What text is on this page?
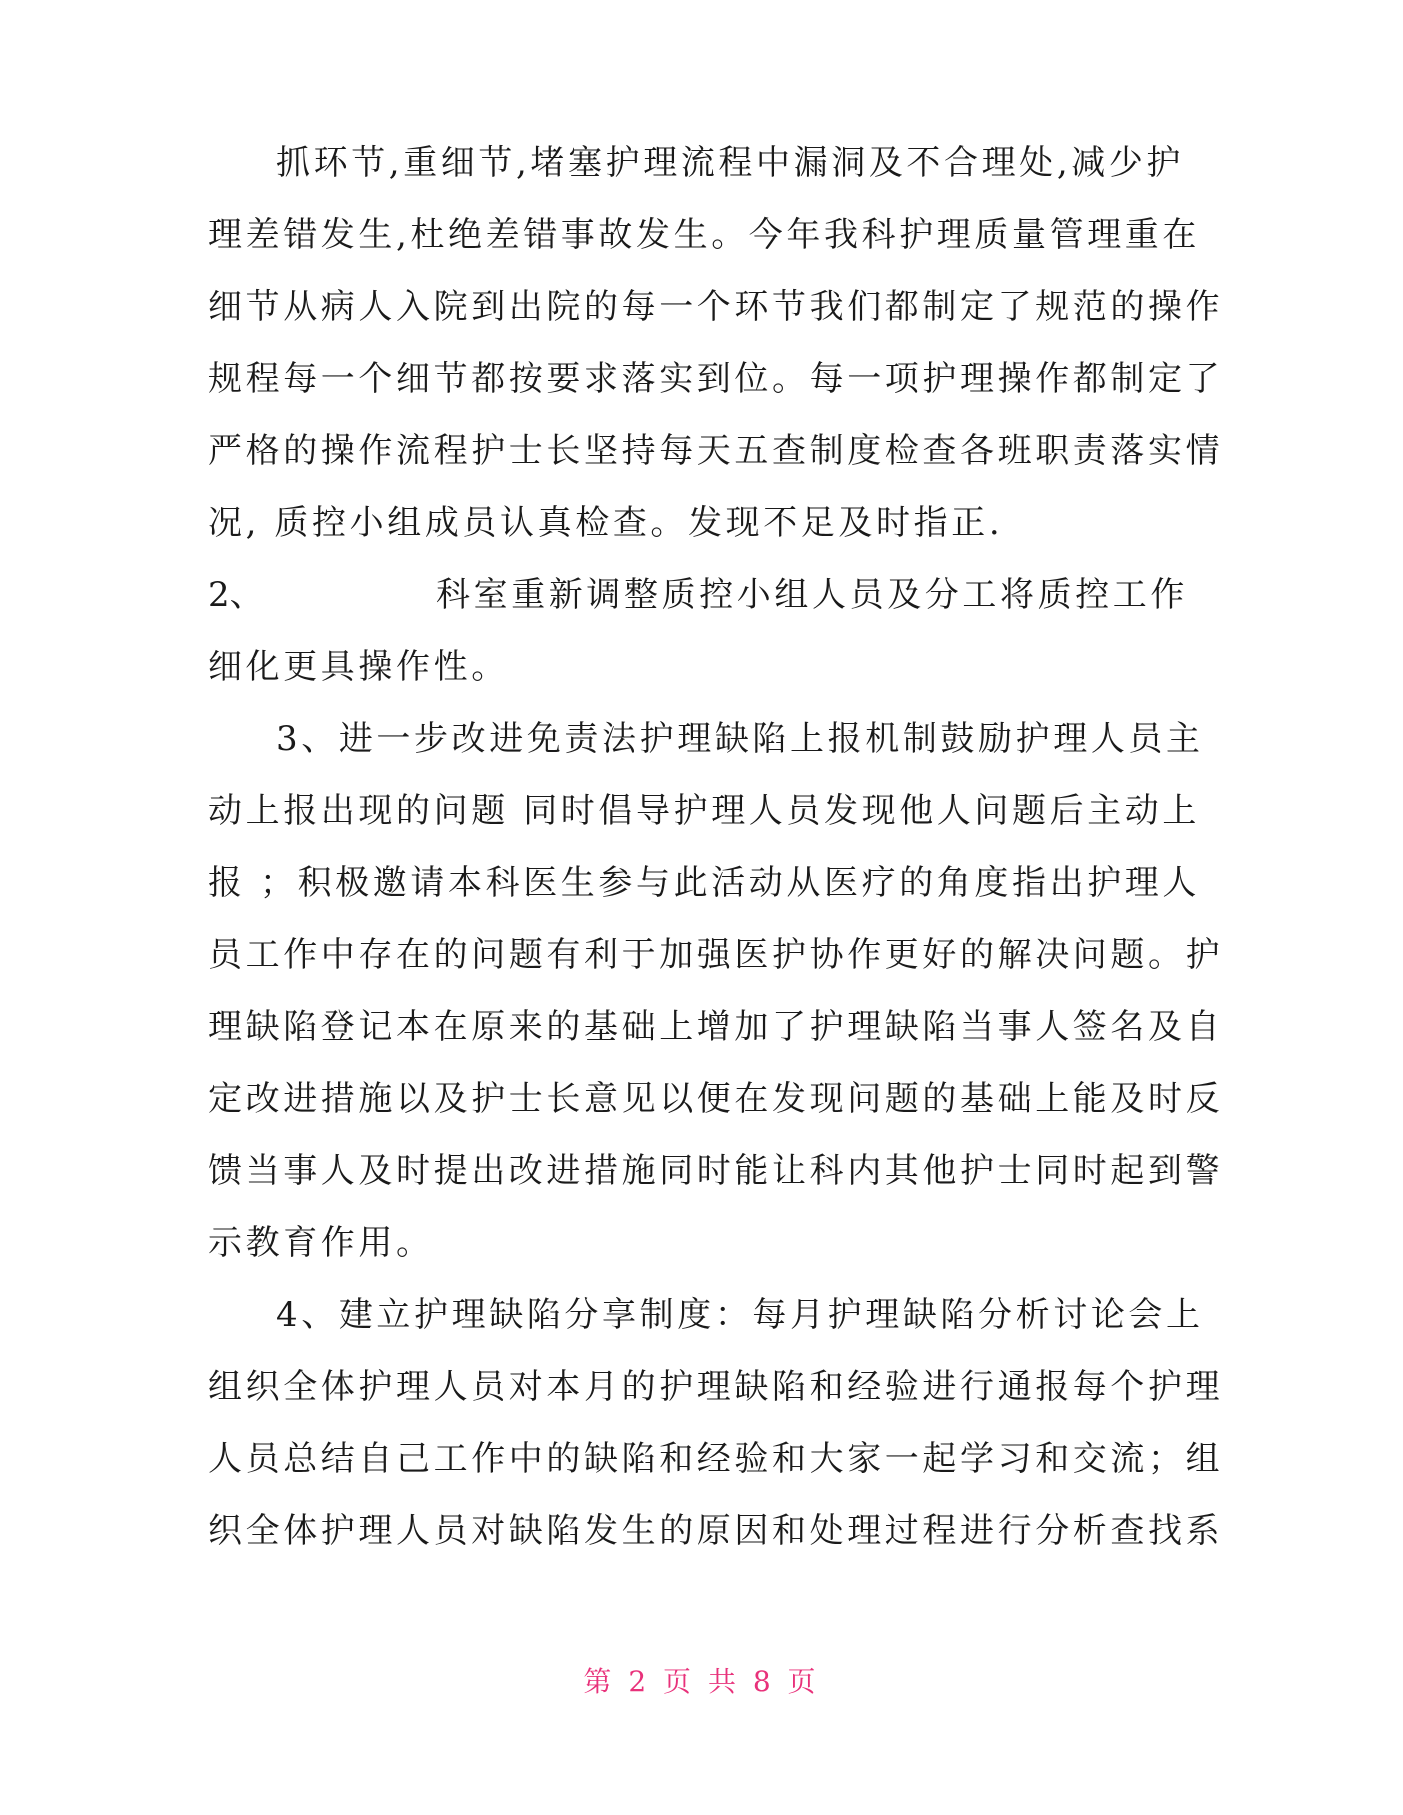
抓环节,重细节,堵塞护理流程中漏洞及不合理处,减少护
理差错发生,杜绝差错事故发生。今年我科护理质量管理重在
细节从病人入院到出院的每一个环节我们都制定了规范的操作
规程每一个细节都按要求落实到位。每一项护理操作都制定了
严格的操作流程护士长坚持每天五查制度检查各班职责落实情
况, 质控小组成员认真检查。发现不足及时指正.
2、	科室重新调整质控小组人员及分工将质控工作
细化更具操作性。
3、进一步改进免责法护理缺陷上报机制鼓励护理人员主
动上报出现的问题 同时倡导护理人员发现他人问题后主动上
报 ；积极邀请本科医生参与此活动从医疗的角度指出护理人
员工作中存在的问题有利于加强医护协作更好的解决问题。护
理缺陷登记本在原来的基础上增加了护理缺陷当事人签名及自
定改进措施以及护士长意见以便在发现问题的基础上能及时反
馈当事人及时提出改进措施同时能让科内其他护士同时起到警
示教育作用。
4、建立护理缺陷分享制度：每月护理缺陷分析讨论会上
组织全体护理人员对本月的护理缺陷和经验进行通报每个护理
人员总结自己工作中的缺陷和经验和大家一起学习和交流；组
织全体护理人员对缺陷发生的原因和处理过程进行分析查找系
第 2 页 共 8 页
